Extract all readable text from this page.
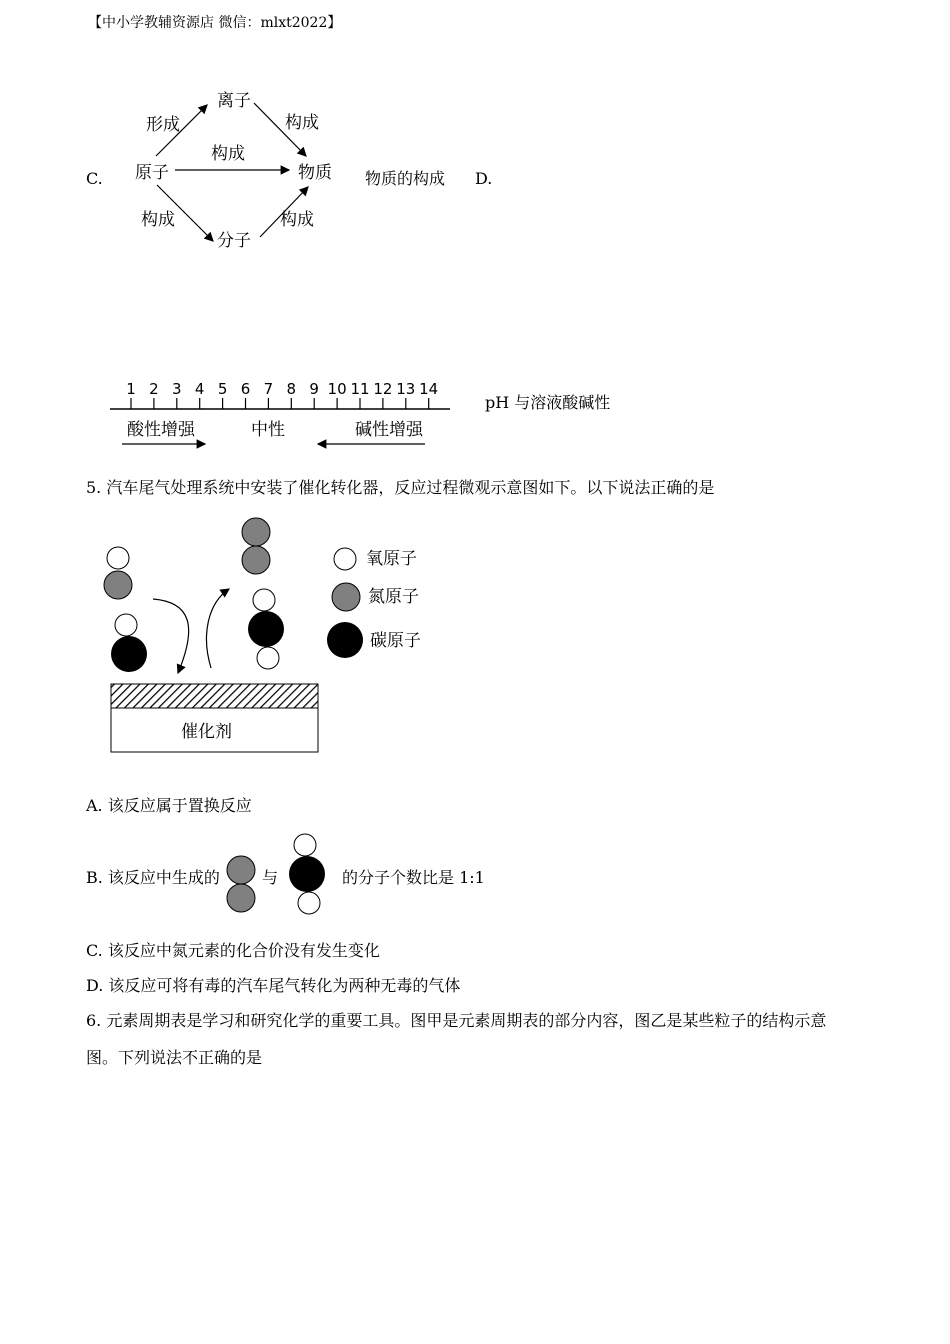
【中小学教辅资源店 微信：mlxt2022】
C.
离子
原子	物质
分子
形成	构成
构成
构成	构成
1 2 3 4 5 6 7 8 9 10 11 12 13 14
酸性增强	中性	碱性增强
催化剂
氧原子
氮原子
碳原子
物质的构成 D.
pH 与溶液酸碱性
5. 汽车尾气处理系统中安装了催化转化器，反应过程微观示意图如下。以下说法正确的是
A. 该反应属于置换反应
B. 该反应中生成的	与	的分子个数比是 1:1
C. 该反应中氮元素的化合价没有发生变化
D. 该反应可将有毒的汽车尾气转化为两种无毒的气体
6. 元素周期表是学习和研究化学的重要工具。图甲是元素周期表的部分内容，图乙是某些粒子的结构示意
图。下列说法不正确的是
